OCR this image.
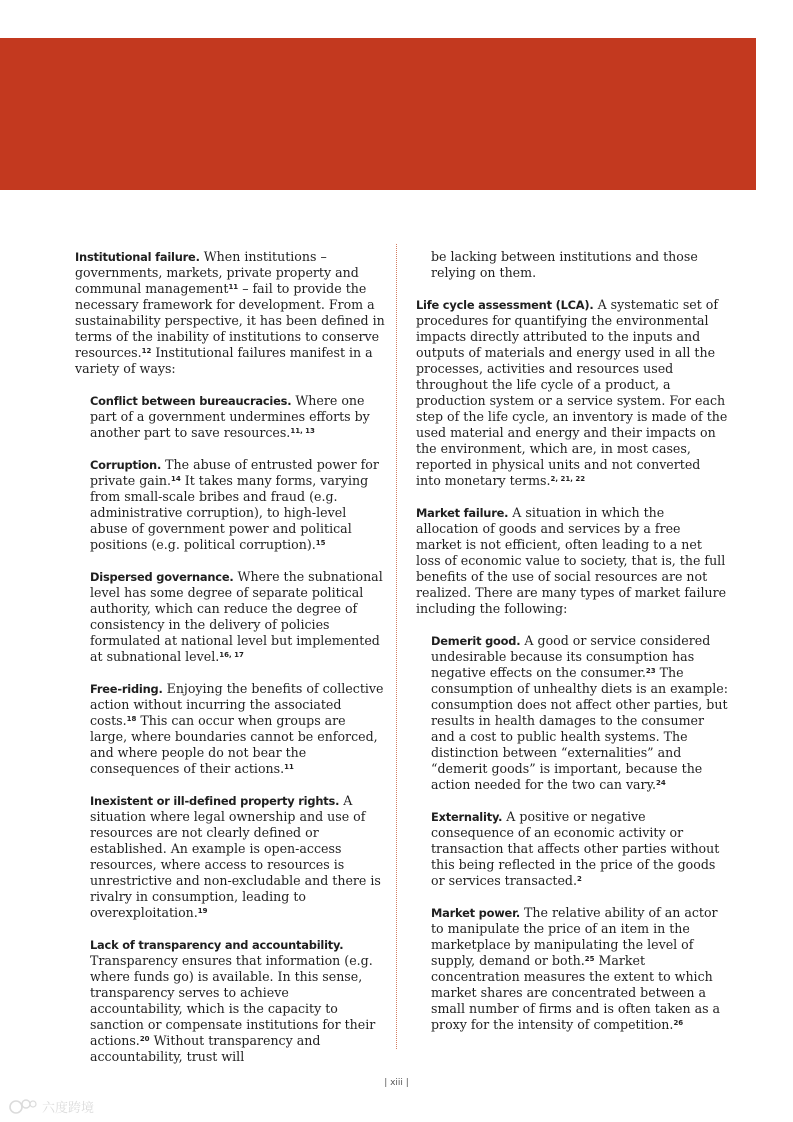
Institutional failure. When institutions – governments, markets, private property and communal management$^{11}$ – fail to provide the necessary framework for development. From a sustainability perspective, it has been defined in terms of the inability of institutions to conserve resources.$^{12}$ Institutional failures manifest in a variety of ways:

Conflict between bureaucracies. Where one part of a government undermines efforts by another part to save resources.$^{11, 13}$

Corruption. The abuse of entrusted power for private gain.$^{14}$ It takes many forms, varying from small-scale bribes and fraud (e.g. administrative corruption), to high-level abuse of government power and political positions (e.g. political corruption).$^{15}$

Dispersed governance. Where the subnational level has some degree of separate political authority, which can reduce the degree of consistency in the delivery of policies formulated at national level but implemented at subnational level.$^{16, 17}$

Free-riding. Enjoying the benefits of collective action without incurring the associated costs.$^{18}$ This can occur when groups are large, where boundaries cannot be enforced, and where people do not bear the consequences of their actions.$^{11}$

Inexistent or ill-defined property rights. A situation where legal ownership and use of resources are not clearly defined or established. An example is open-access resources, where access to resources is unrestrictive and non-excludable and there is rivalry in consumption, leading to overexploitation.$^{19}$

Lack of transparency and accountability. Transparency ensures that information (e.g. where funds go) is available. In this sense, transparency serves to achieve accountability, which is the capacity to sanction or compensate institutions for their actions.$^{20}$ Without transparency and accountability, trust will

be lacking between institutions and those relying on them.

Life cycle assessment (LCA). A systematic set of procedures for quantifying the environmental impacts directly attributed to the inputs and outputs of materials and energy used in all the processes, activities and resources used throughout the life cycle of a product, a production system or a service system. For each step of the life cycle, an inventory is made of the used material and energy and their impacts on the environment, which are, in most cases, reported in physical units and not converted into monetary terms.$^{2, 21, 22}$

Market failure. A situation in which the allocation of goods and services by a free market is not efficient, often leading to a net loss of economic value to society, that is, the full benefits of the use of social resources are not realized. There are many types of market failure including the following:

Demerit good. A good or service considered undesirable because its consumption has negative effects on the consumer.$^{23}$ The consumption of unhealthy diets is an example: consumption does not affect other parties, but results in health damages to the consumer and a cost to public health systems. The distinction between “externalities” and “demerit goods” is important, because the action needed for the two can vary.$^{24}$

Externality. A positive or negative consequence of an economic activity or transaction that affects other parties without this being reflected in the price of the goods or services transacted.$^2$

Market power. The relative ability of an actor to manipulate the price of an item in the marketplace by manipulating the level of supply, demand or both.$^{25}$ Market concentration measures the extent to which market shares are concentrated between a small number of firms and is often taken as a proxy for the intensity of competition.$^{26}$

| xiii |
六度跨境
